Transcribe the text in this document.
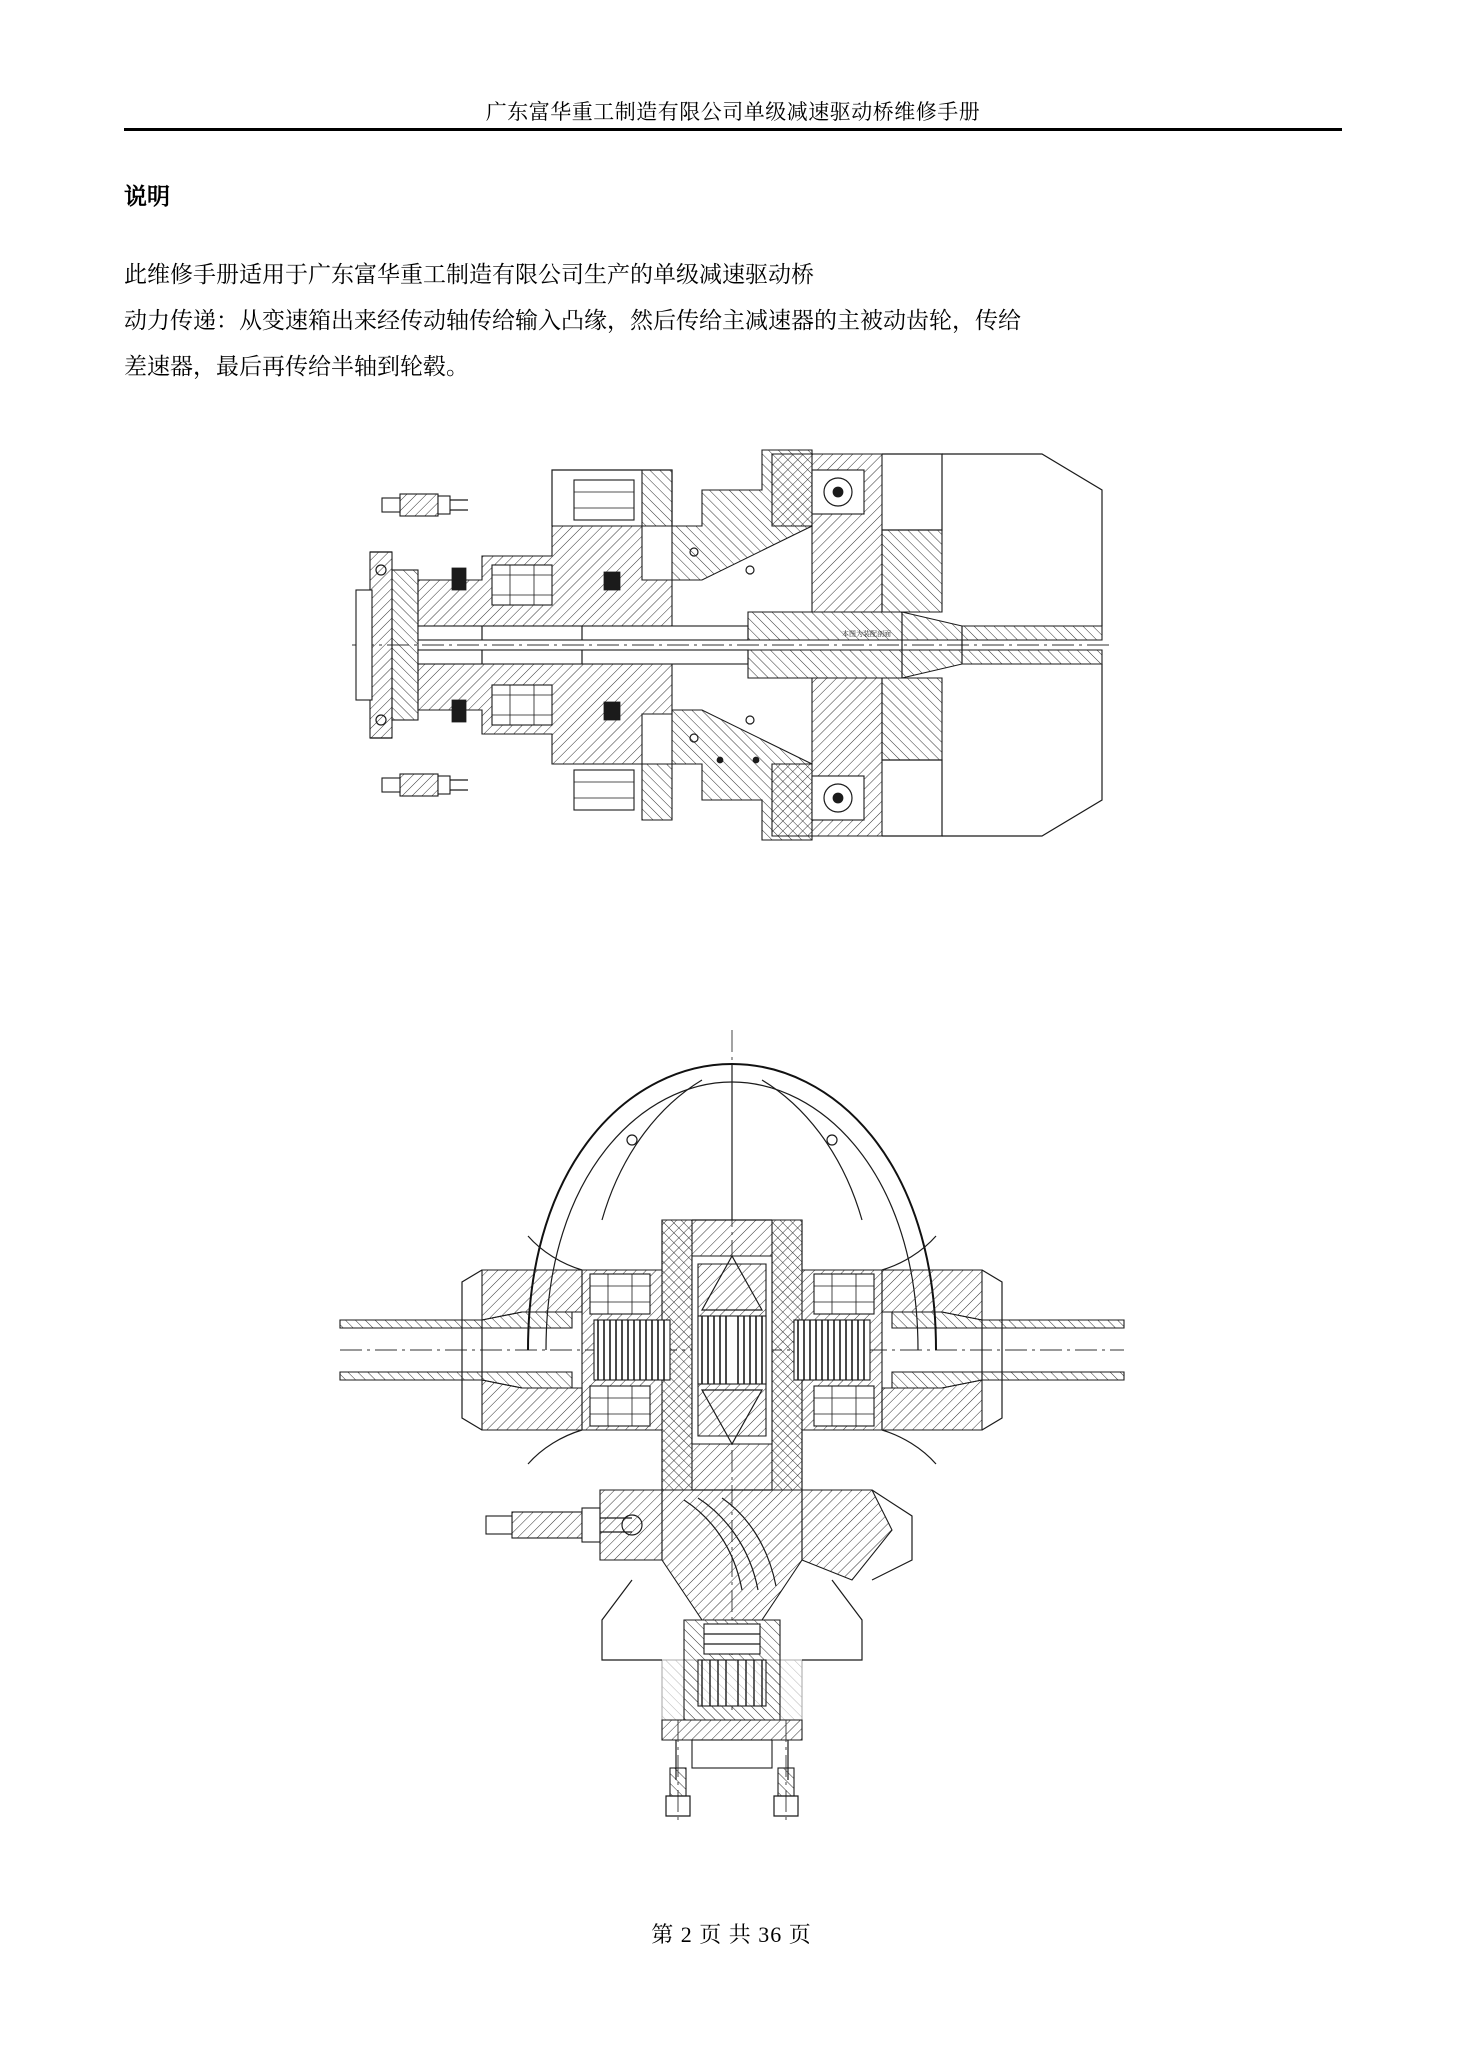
广东富华重工制造有限公司单级减速驱动桥维修手册
说明

此维修手册适用于广东富华重工制造有限公司生产的单级减速驱动桥

动力传递：从变速箱出来经传动轴传给输入凸缘，然后传给主减速器的主被动齿轮，传给

差速器，最后再传给半轴到轮毂。

本图为装配剖面
第 2 页 共 36 页
